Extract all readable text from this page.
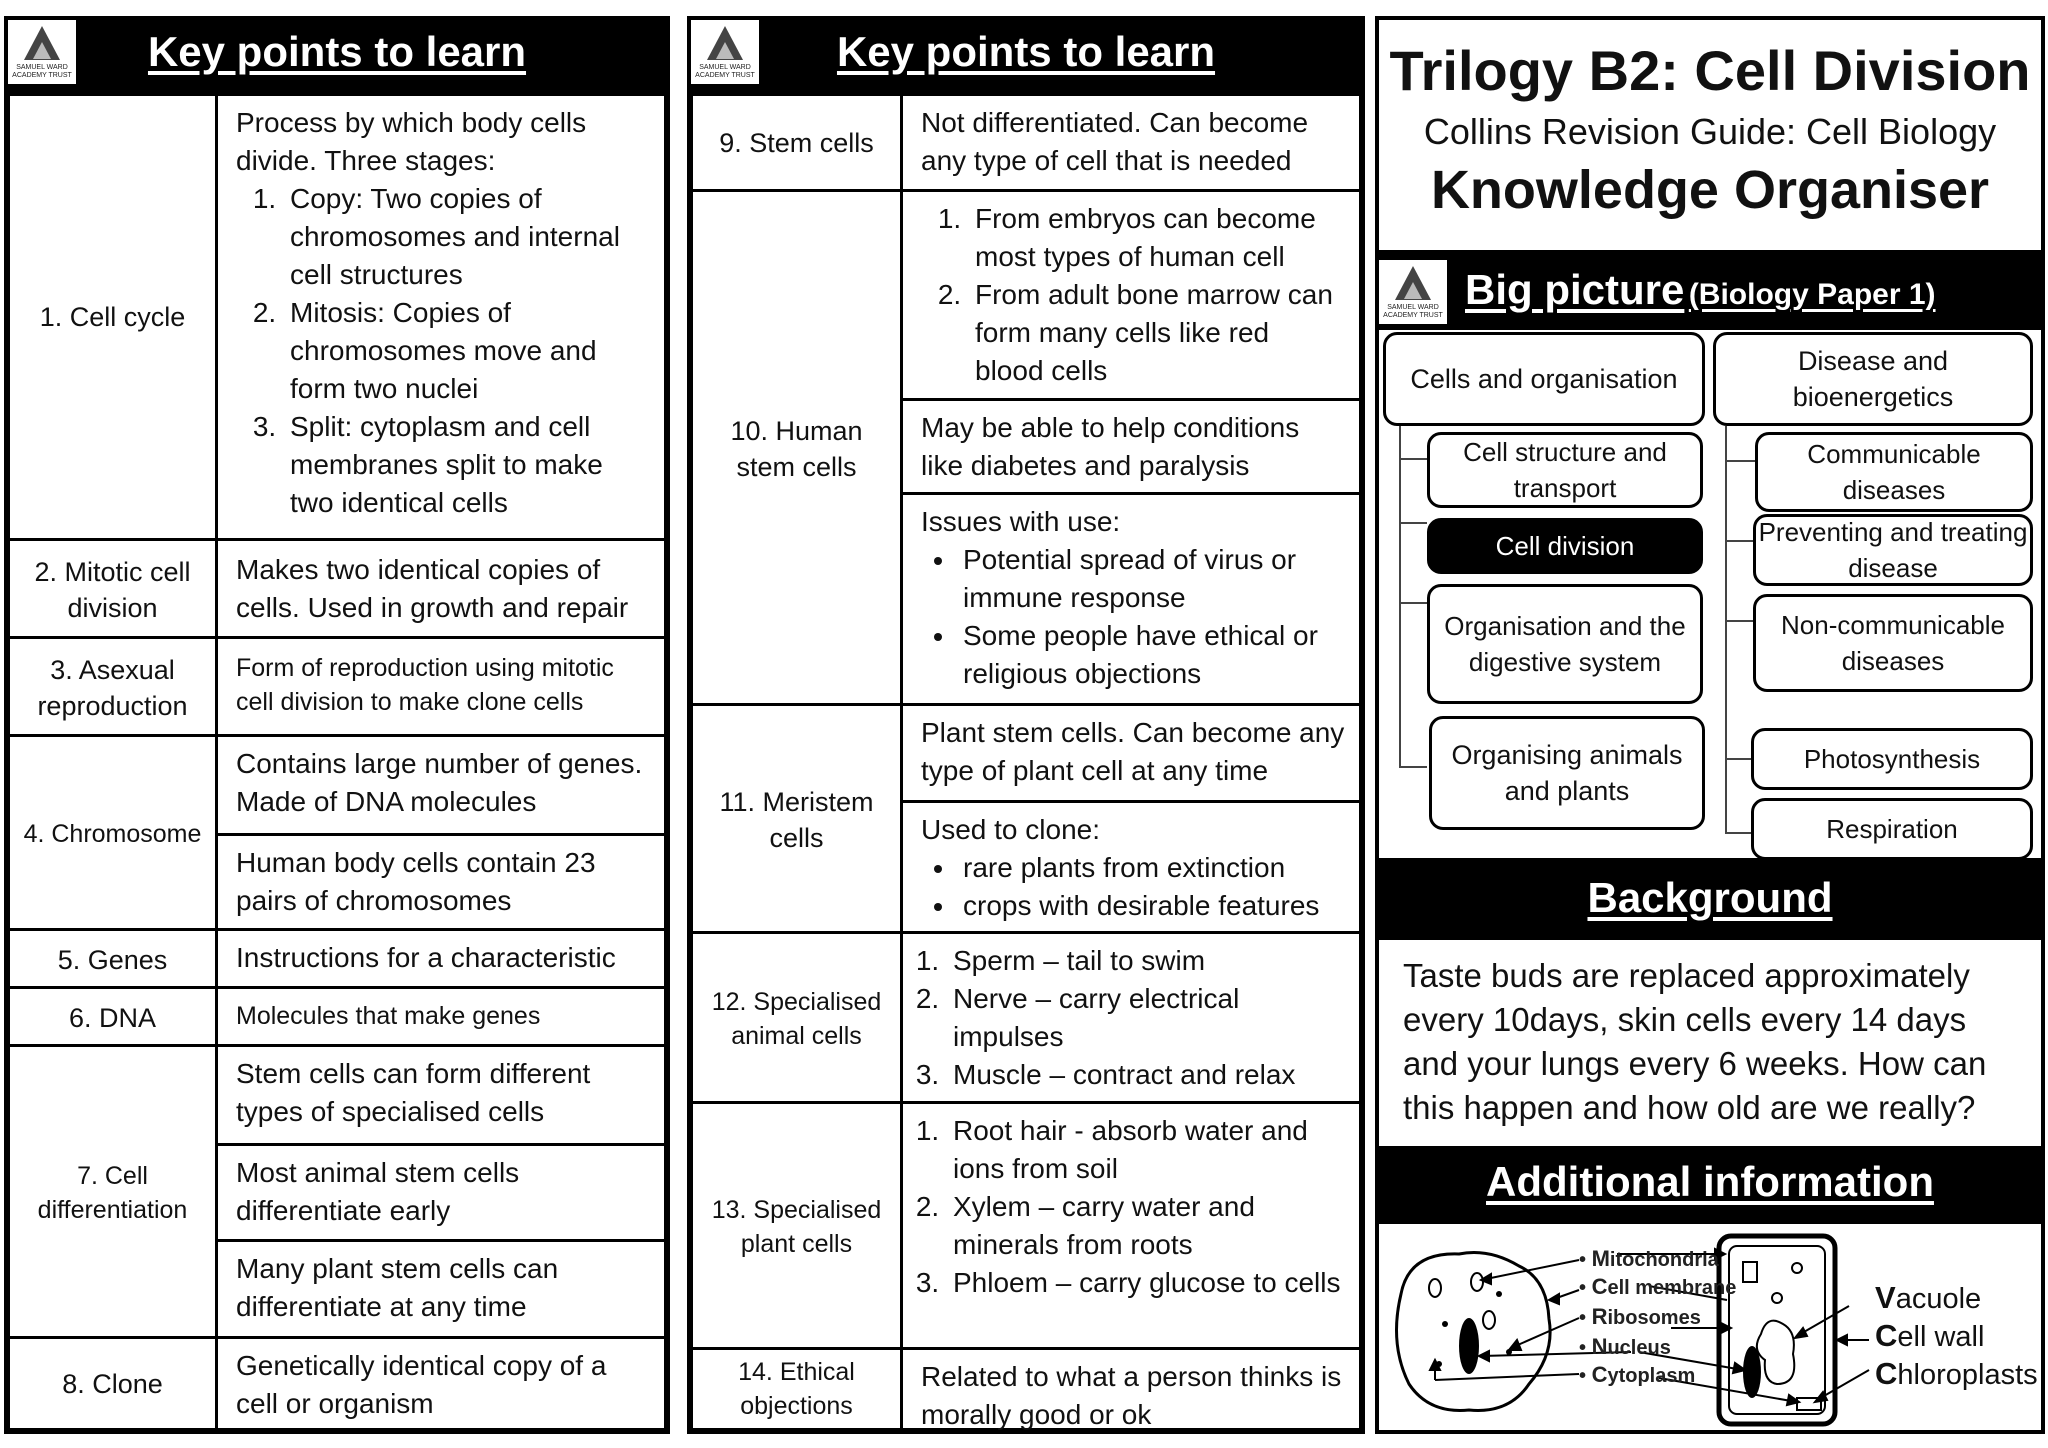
SAMUEL WARD ACADEMY TRUST
Key points to learn
1. Cell cycle
Process by which body cells divide. Three stages:
1. Copy: Two copies of chromosomes and internal cell structures
2. Mitosis: Copies of chromosomes move and form two nuclei
3. Split: cytoplasm and cell membranes split to make two identical cells
2. Mitotic cell division
Makes two identical copies of cells. Used in growth and repair
3. Asexual reproduction
Form of reproduction using mitotic cell division to make clone cells
4. Chromosome
Contains large number of genes. Made of DNA molecules
Human body cells contain 23 pairs of chromosomes
5. Genes	Instructions for a characteristic
6. DNA	Molecules that make genes
7. Cell differentiation
Stem cells can form different types of specialised cells
Most animal stem cells differentiate early
Many plant stem cells can differentiate at any time
8. Clone
Genetically identical copy of a cell or organism
SAMUEL WARD ACADEMY TRUST
Key points to learn
9. Stem cells
Not differentiated. Can become any type of cell that is needed
10. Human stem cells
1. From embryos can become most types of human cell
2. From adult bone marrow can form many cells like red blood cells
May be able to help conditions like diabetes and paralysis
Issues with use:
• Potential spread of virus or immune response
• Some people have ethical or religious objections
11. Meristem cells
Plant stem cells. Can become any type of plant cell at any time
Used to clone:
• rare plants from extinction
• crops with desirable features
12. Specialised animal cells
1. Sperm – tail to swim
2. Nerve – carry electrical impulses
3. Muscle – contract and relax
13. Specialised plant cells
1. Root hair - absorb water and ions from soil
2. Xylem – carry water and minerals from roots
3. Phloem – carry glucose to cells
14. Ethical objections
Related to what a person thinks is morally good or ok
Trilogy B2: Cell Division
Collins Revision Guide: Cell Biology
Knowledge Organiser
SAMUEL WARD ACADEMY TRUST
Big picture (Biology Paper 1)
Cells and organisation
Cell structure and transport
Cell division
Organisation and the digestive system
Organising animals and plants
Disease and bioenergetics
Communicable diseases
Preventing and treating disease
Non-communicable diseases
Photosynthesis
Respiration
Background

Taste buds are replaced approximately every 10days, skin cells every 14 days and your lungs every 6 weeks. How can this happen and how old are we really?

Additional information
• Mitochondria
• Cell membrane
• Ribosomes
• Nucleus
• Cytoplasm
Vacuole
Cell wall
Chloroplasts
